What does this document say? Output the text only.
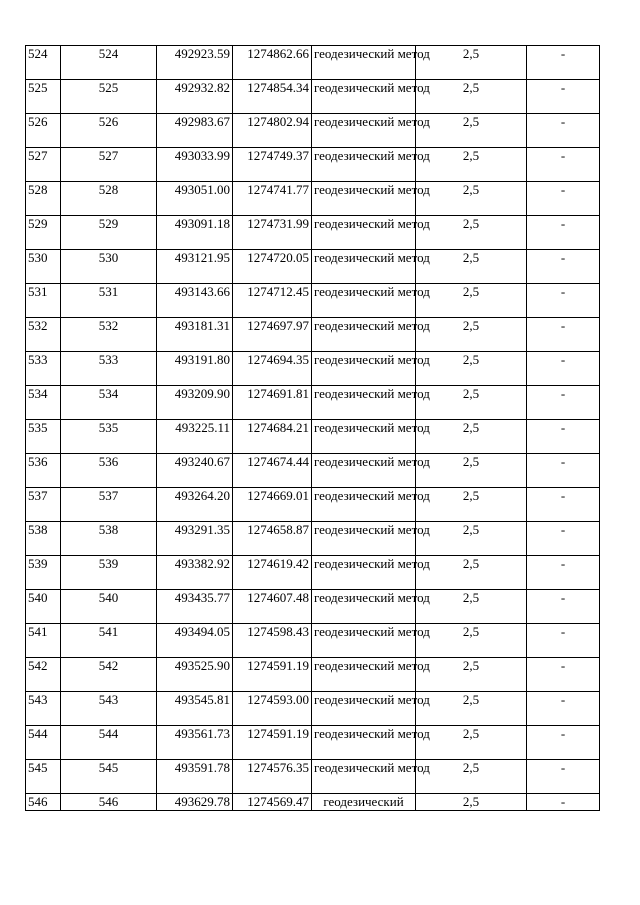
524	524	492923.59	1274862.66	геодезический метод	2,5	-
525	525	492932.82	1274854.34	геодезический метод	2,5	-
526	526	492983.67	1274802.94	геодезический метод	2,5	-
527	527	493033.99	1274749.37	геодезический метод	2,5	-
528	528	493051.00	1274741.77	геодезический метод	2,5	-
529	529	493091.18	1274731.99	геодезический метод	2,5	-
530	530	493121.95	1274720.05	геодезический метод	2,5	-
531	531	493143.66	1274712.45	геодезический метод	2,5	-
532	532	493181.31	1274697.97	геодезический метод	2,5	-
533	533	493191.80	1274694.35	геодезический метод	2,5	-
534	534	493209.90	1274691.81	геодезический метод	2,5	-
535	535	493225.11	1274684.21	геодезический метод	2,5	-
536	536	493240.67	1274674.44	геодезический метод	2,5	-
537	537	493264.20	1274669.01	геодезический метод	2,5	-
538	538	493291.35	1274658.87	геодезический метод	2,5	-
539	539	493382.92	1274619.42	геодезический метод	2,5	-
540	540	493435.77	1274607.48	геодезический метод	2,5	-
541	541	493494.05	1274598.43	геодезический метод	2,5	-
542	542	493525.90	1274591.19	геодезический метод	2,5	-
543	543	493545.81	1274593.00	геодезический метод	2,5	-
544	544	493561.73	1274591.19	геодезический метод	2,5	-
545	545	493591.78	1274576.35	геодезический метод	2,5	-
546	546	493629.78	1274569.47	геодезический	2,5	-
